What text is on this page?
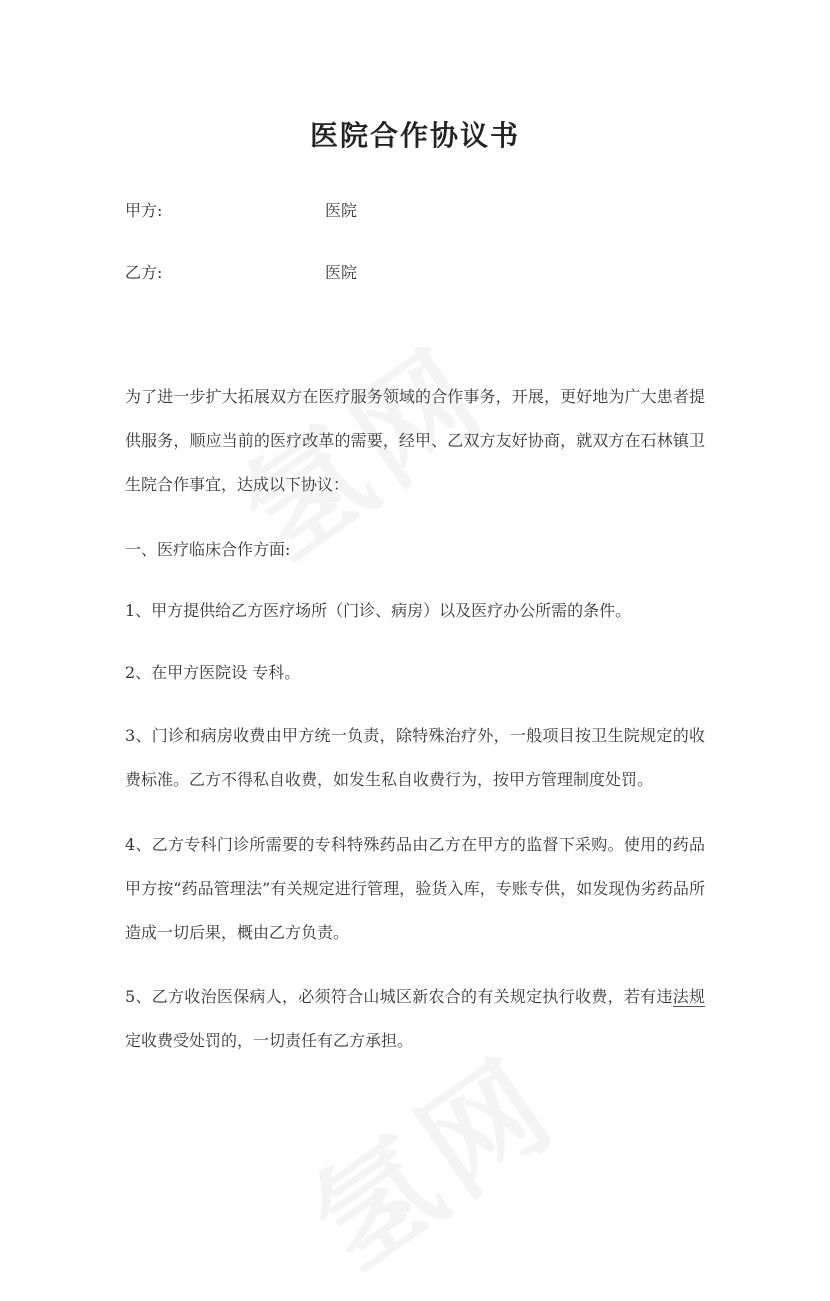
医院合作协议书
甲方:	医院
乙方:	医院
为了进一步扩大拓展双方在医疗服务领域的合作事务，开展，更好地为广大患者提供服务，顺应当前的医疗改革的需要，经甲、乙双方友好协商，就双方在石林镇卫生院合作事宜，达成以下协议：
一、医疗临床合作方面:
1、甲方提供给乙方医疗场所（门诊、病房）以及医疗办公所需的条件。
2、在甲方医院设 专科。
3、门诊和病房收费由甲方统一负责，除特殊治疗外，一般项目按卫生院规定的收费标准。乙方不得私自收费，如发生私自收费行为，按甲方管理制度处罚。
4、乙方专科门诊所需要的专科特殊药品由乙方在甲方的监督下采购。使用的药品甲方按“药品管理法”有关规定进行管理，验货入库，专账专供，如发现伪劣药品所造成一切后果，概由乙方负责。
5、乙方收治医保病人，必须符合山城区新农合的有关规定执行收费，若有违法规定收费受处罚的，一切责任有乙方承担。
